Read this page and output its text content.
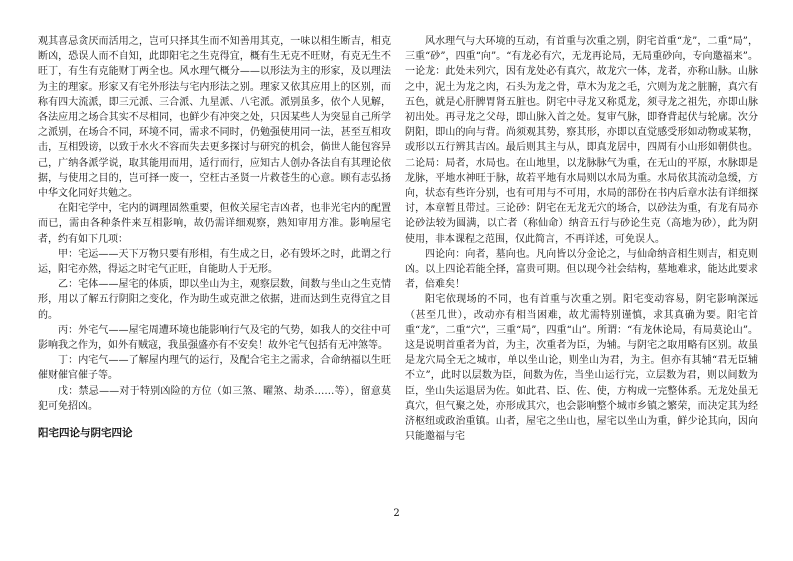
观其喜忌贪厌而活用之，岂可只择其生而不知善用其克，一味以相生断吉，相克断凶，恐误人而不自知，此即阳宅之生克得宜，概有生无克不旺财，有克无生不旺丁，有生有克能财丁两全也。风水理气概分——以形法为主的形家，及以理法为主的理家。形家又有宅外形法与宅内形法之别。理家又依其应用上的区别，而称有四大流派，即三元派、三合派、九星派、八宅派。派别虽多，依个人见解，各法应用之场合其实不尽相同，也鲜少有冲突之处，只因某些人为突显自己所学之派别，在场合不同，环境不同，需求不同时，仍勉强使用同一法，甚至互相攻击，互相毁谤，以致于水火不容而失去更多探讨与研究的机会，倘世人能包容异己，广纳各派学说，取其能用而用，适行而行，应知古人创办各法自有其理论依据，与使用之目的，岂可择一废一，空枉古圣贤一片救苍生的心意。顾有志弘扬中华文化同好共勉之。

在阳宅学中，宅内的调理固然重要，但攸关屋宅吉凶者，也非光宅内的配置而已，需由各种条件来互相影响，故仍需详细观察，熟知审用方准。影响屋宅者，约有如下几项：

甲：宅运——天下万物只要有形相，有生成之日，必有毁坏之时，此谓之行运，阳宅亦然，得运之时宅气正旺，自能助人于无形。

乙：宅体——屋宅的体质，即以坐山为主，观察层数，间数与坐山之生克情形，用以了解五行阴阳之变化，作为助生或克泄之依据，进而达到生克得宜之目的。

丙：外宅气——屋宅周遭环境也能影响行气及宅的气势，如我人的交往中可影响我之作为，如外有贼寇，我虽强盛亦有不安矣！故外宅气包括有无冲煞等。

丁：内宅气——了解屋内理气的运行，及配合宅主之需求，合命纳福以生旺催财催官催子等。

戊：禁忌——对于特别凶险的方位（如三煞、曜煞、劫杀……等），留意莫犯可免招凶。

阳宅四论与阴宅四论

风水理气与大环境的互动，有首重与次重之别，阴宅首重“龙”，二重“局”，三重“砂”，四重“向”。“有龙必有穴，无龙再论局，无局重砂向，专向邀福来”。一论龙：此处未列穴，因有龙处必有真穴，故龙穴一体，龙者，亦称山脉。山脉之中，泥土为龙之肉，石头为龙之骨，草木为龙之毛，穴则为龙之脏腑，真穴有五色，就是心肝脾胃肾五脏也。阴宅中寻龙又称觅龙，须寻龙之祖先，亦即山脉初出处。再寻龙之父母，即山脉入首之处。复审气脉，即脊背起伏与轮廓。次分阴阳，即山的向与背。尚须观其势，察其形，亦即以直觉感受形如动物或某物，或形以五行辨其吉凶。最后则其主与从，即真龙居中，四周有小山形如朝供也。二论局：局者，水局也。在山地里，以龙脉脉气为重，在无山的平原，水脉即是龙脉，平地水神旺于脉，故若平地有水局则以水局为重。水局依其流动急缓，方向，状态有些许分别，也有可用与不可用，水局的部份在书内后章水法有详细探讨，本章暂且带过。三论砂：阴宅在无龙无穴的场合，以砂法为重，有龙有局亦论砂法较为圆满，以亡者（称仙命）纳音五行与砂论生克（高地为砂），此为阴使用，非本课程之范围，仅此简言，不再详述，可免误人。

四论向：向者，墓向也。凡向皆以分金论之，与仙命纳音相生则吉，相克则凶。以上四论若能全择，富贵可期。但以现今社会结构，墓地难求，能达此要求者，倍难矣！

阳宅依现场的不同，也有首重与次重之别。阳宅变动容易，阴宅影响深远（甚至几世），改动亦有相当困难，故尤需特别谨慎，求其真确为要。阳宅首重“龙”，二重“穴”，三重“局”，四重“山”。所谓：“有龙休论局，有局莫论山”。这是说明首重者为首，为主，次重者为臣，为辅。与阴宅之取用略有区别。故虽是龙穴局全无之城市，单以坐山论，则坐山为君，为主。但亦有其辅“君无臣辅不立”，此时以层数为臣，间数为佐，当坐山运行完，立层数为君，则以间数为臣，坐山失运退居为佐。如此君、臣、佐、使，方构成一完整体系。无龙处虽无真穴，但气聚之处，亦形成其穴，也会影响整个城市乡镇之繁荣，而决定其为经济枢纽或政治重镇。山者，屋宅之坐山也，屋宅以坐山为重，鲜少论其向，因向只能邀福与宅

2
